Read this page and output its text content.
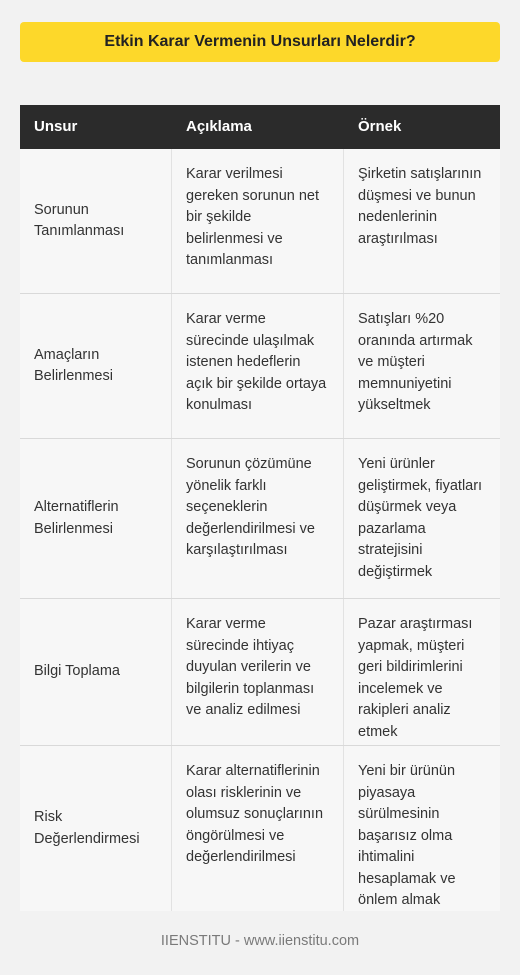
Etkin Karar Vermenin Unsurları Nelerdir?
Unsur	Açıklama	Örnek
Sorunun Tanımlanması
Karar verilmesi gereken sorunun net bir şekilde belirlenmesi ve tanımlanması
Şirketin satışlarının düşmesi ve bunun nedenlerinin araştırılması
Amaçların Belirlenmesi
Karar verme sürecinde ulaşılmak istenen hedeflerin açık bir şekilde ortaya konulması
Satışları %20 oranında artırmak ve müşteri memnuniyetini yükseltmek
Alternatiflerin Belirlenmesi
Sorunun çözümüne yönelik farklı seçeneklerin değerlendirilmesi ve karşılaştırılması
Yeni ürünler geliştirmek, fiyatları düşürmek veya pazarlama stratejisini değiştirmek
Bilgi Toplama
Karar verme sürecinde ihtiyaç duyulan verilerin ve bilgilerin toplanması ve analiz edilmesi
Pazar araştırması yapmak, müşteri geri bildirimlerini incelemek ve rakipleri analiz etmek
Risk Değerlendirmesi
Karar alternatiflerinin olası risklerinin ve olumsuz sonuçlarının öngörülmesi ve değerlendirilmesi
Yeni bir ürünün piyasaya sürülmesinin başarısız olma ihtimalini hesaplamak ve önlem almak
IIENSTITU - www.iienstitu.com
